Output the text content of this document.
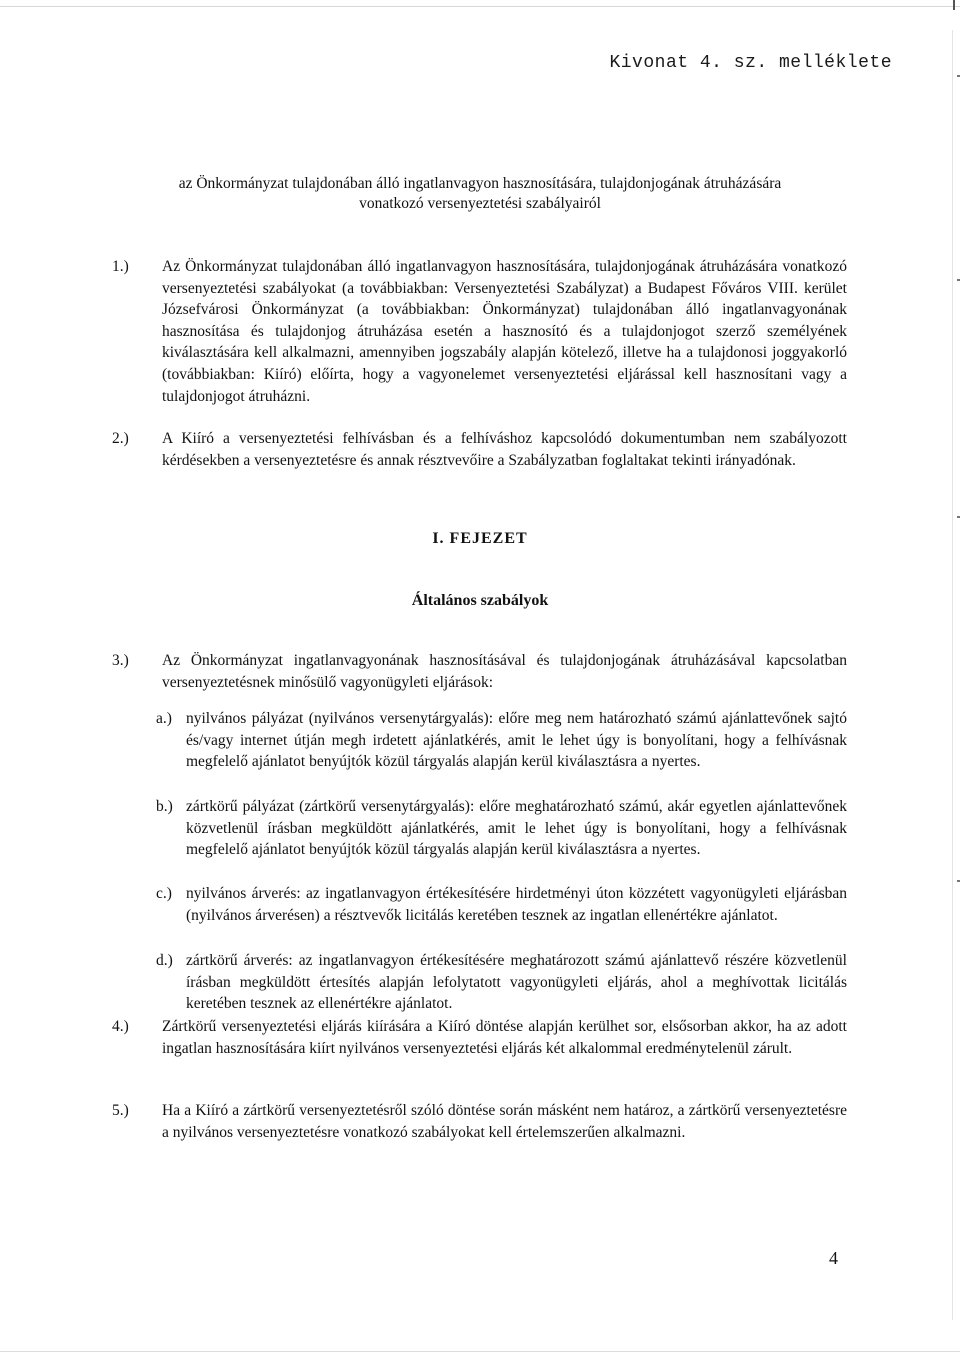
Kivonat 4. sz. melléklete
az Önkormányzat tulajdonában álló ingatlanvagyon hasznosítására, tulajdonjogának átruházására
vonatkozó versenyeztetési szabályairól
1.) Az Önkormányzat tulajdonában álló ingatlanvagyon hasznosítására, tulajdonjogának átruházására vonatkozó versenyeztetési szabályokat (a továbbiakban: Versenyeztetési Szabályzat) a Budapest Főváros VIII. kerület Józsefvárosi Önkormányzat (a továbbiakban: Önkormányzat) tulajdonában álló ingatlanvagyonának hasznosítása és tulajdonjog átruházása esetén a hasznosító és a tulajdonjogot szerző személyének kiválasztására kell alkalmazni, amennyiben jogszabály alapján kötelező, illetve ha a tulajdonosi joggyakorló (továbbiakban: Kiíró) előírta, hogy a vagyonelemet versenyeztetési eljárással kell hasznosítani vagy a tulajdonjogot átruházni.
2.) A Kiíró a versenyeztetési felhívásban és a felhíváshoz kapcsolódó dokumentumban nem szabályozott kérdésekben a versenyeztetésre és annak résztvevőire a Szabályzatban foglaltakat tekinti irányadónak.
I. FEJEZET
Általános szabályok
3.) Az Önkormányzat ingatlanvagyonának hasznosításával és tulajdonjogának átruházásával kapcsolatban versenyeztetésnek minősülő vagyonügyleti eljárások:
a.) nyilvános pályázat (nyilvános versenytárgyalás): előre meg nem határozható számú ajánlattevőnek sajtó és/vagy internet útján megh irdetett ajánlatkérés, amit le lehet úgy is bonyolítani, hogy a felhívásnak megfelelő ajánlatot benyújtók közül tárgyalás alapján kerül kiválasztásra a nyertes.
b.) zártkörű pályázat (zártkörű versenytárgyalás): előre meghatározható számú, akár egyetlen ajánlattevőnek közvetlenül írásban megküldött ajánlatkérés, amit le lehet úgy is bonyolítani, hogy a felhívásnak megfelelő ajánlatot benyújtók közül tárgyalás alapján kerül kiválasztásra a nyertes.
c.) nyilvános árverés: az ingatlanvagyon értékesítésére hirdetményi úton közzétett vagyonügyleti eljárásban (nyilvános árverésen) a résztvevők licitálás keretében tesznek az ingatlan ellenértékre ajánlatot.
d.) zártkörű árverés: az ingatlanvagyon értékesítésére meghatározott számú ajánlattevő részére közvetlenül írásban megküldött értesítés alapján lefolytatott vagyonügyleti eljárás, ahol a meghívottak licitálás keretében tesznek az ellenértékre ajánlatot.
4.) Zártkörű versenyeztetési eljárás kiírására a Kiíró döntése alapján kerülhet sor, elsősorban akkor, ha az adott ingatlan hasznosítására kiírt nyilvános versenyeztetési eljárás két alkalommal eredménytelenül zárult.
5.) Ha a Kiíró a zártkörű versenyeztetésről szóló döntése során másként nem határoz, a zártkörű versenyeztetésre a nyilvános versenyeztetésre vonatkozó szabályokat kell értelemszerűen alkalmazni.
4
